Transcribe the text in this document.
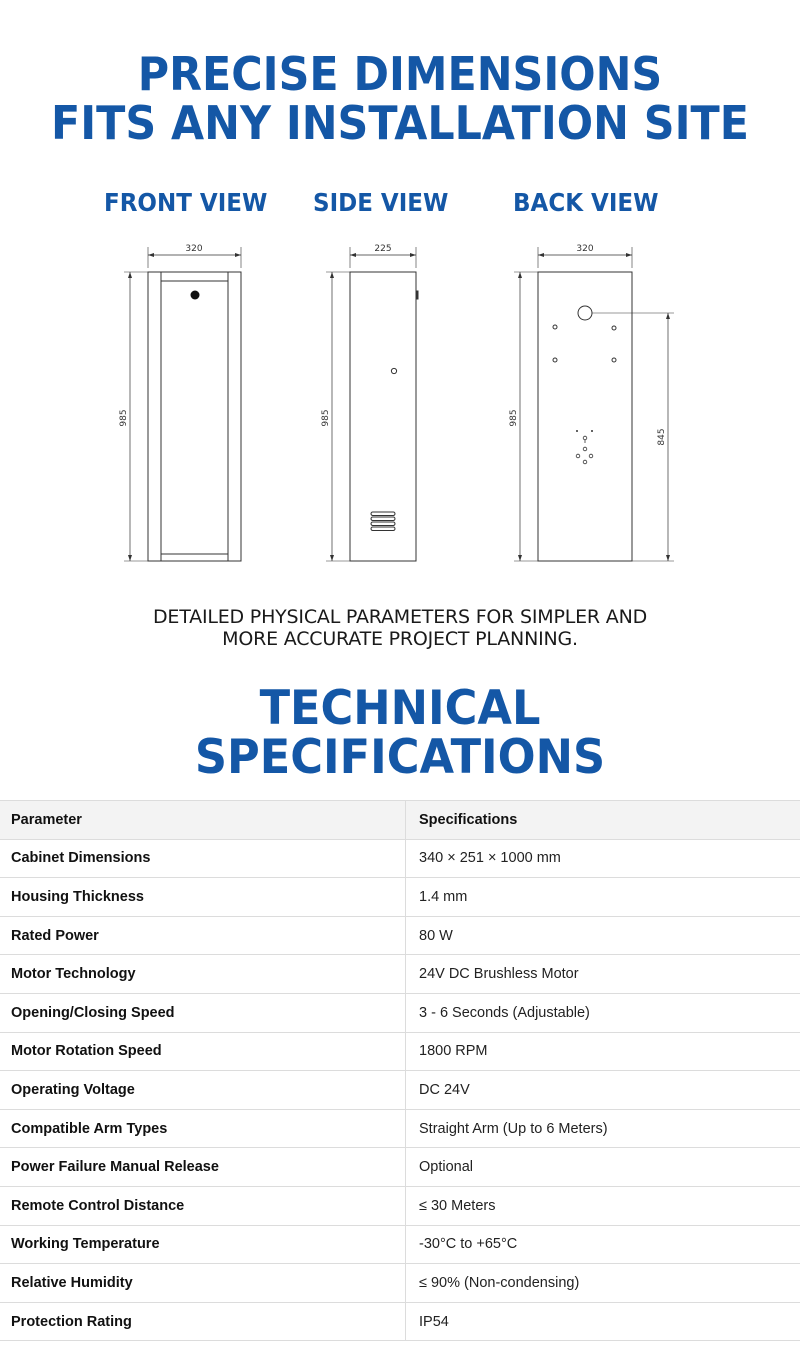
PRECISE DIMENSIONS
FITS ANY INSTALLATION SITE
FRONT VIEW SIDE VIEW	BACK VIEW
320
985
225
985
320
985
845
DETAILED PHYSICAL PARAMETERS FOR SIMPLER AND
MORE ACCURATE PROJECT PLANNING.
TECHNICAL
SPECIFICATIONS
Parameter	Specifications
Cabinet Dimensions	340 × 251 × 1000 mm
Housing Thickness	1.4 mm
Rated Power	80 W
Motor Technology	24V DC Brushless Motor
Opening/Closing Speed	3 - 6 Seconds (Adjustable)
Motor Rotation Speed	1800 RPM
Operating Voltage	DC 24V
Compatible Arm Types	Straight Arm (Up to 6 Meters)
Power Failure Manual Release	Optional
Remote Control Distance	≤ 30 Meters
Working Temperature	-30°C to +65°C
Relative Humidity	≤ 90% (Non-condensing)
Protection Rating	IP54
